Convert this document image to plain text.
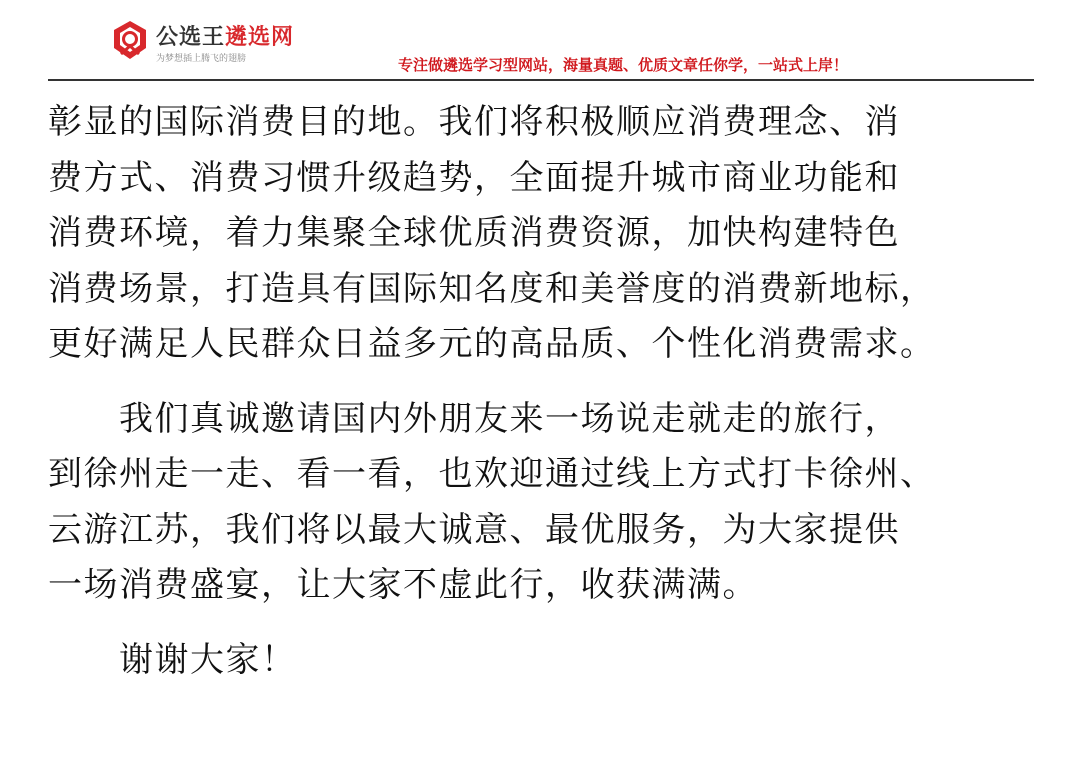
公选王遴选网
为梦想插上腾飞的翅膀	专注做遴选学习型网站，海量真题、优质文章任你学，一站式上岸！

彰显的国际消费目的地。我们将积极顺应消费理念、消
费方式、消费习惯升级趋势，全面提升城市商业功能和
消费环境，着力集聚全球优质消费资源，加快构建特色
消费场景，打造具有国际知名度和美誉度的消费新地标，
更好满足人民群众日益多元的高品质、个性化消费需求。

　　我们真诚邀请国内外朋友来一场说走就走的旅行，
到徐州走一走、看一看，也欢迎通过线上方式打卡徐州、
云游江苏，我们将以最大诚意、最优服务，为大家提供
一场消费盛宴，让大家不虚此行，收获满满。

　　谢谢大家！
